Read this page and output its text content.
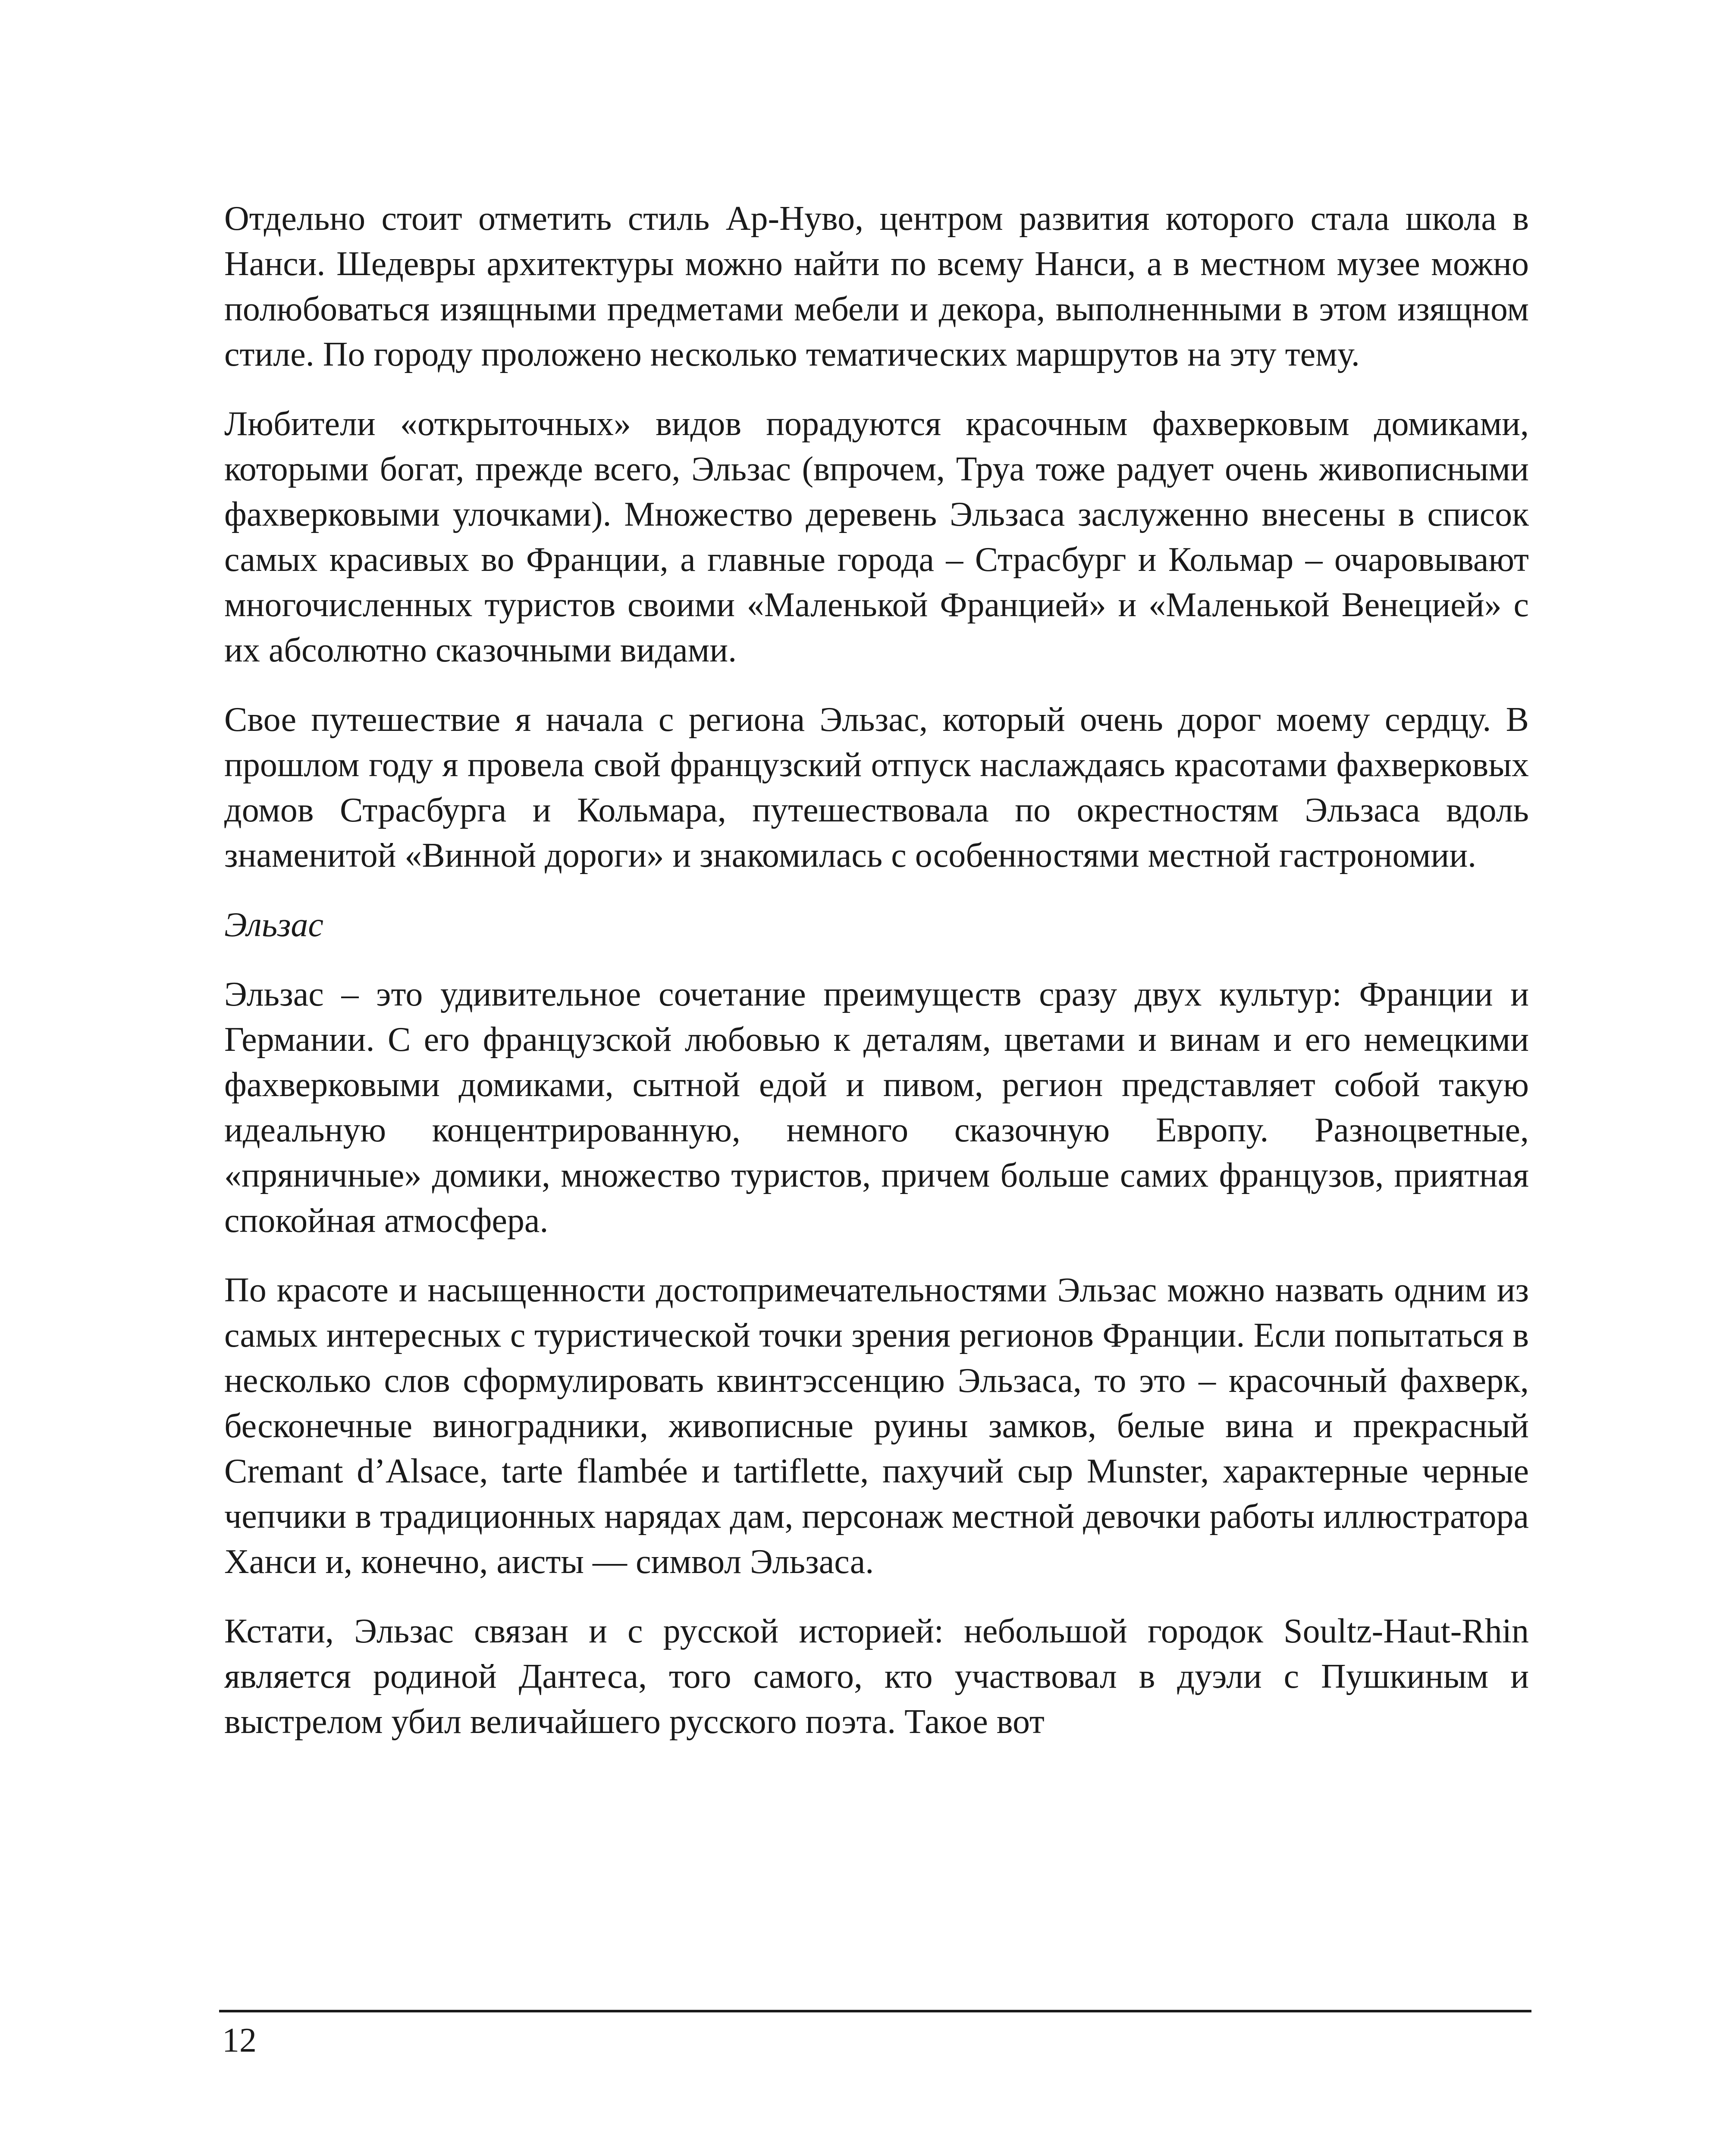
Отдельно стоит отметить стиль Ар-Нуво, центром развития которого стала школа в Нанси. Шедевры архитектуры можно найти по всему Нанси, а в местном музее можно полюбоваться изящными предметами мебели и декора, выполненными в этом изящном стиле. По городу проложено несколько тематических маршрутов на эту тему.

Любители «открыточных» видов порадуются красочным фахверковым домиками, которыми богат, прежде всего, Эльзас (впрочем, Труа тоже радует очень живописными фахверковыми улочками). Множество деревень Эльзаса заслуженно внесены в список самых красивых во Франции, а главные города – Страсбург и Кольмар – очаровывают многочисленных туристов своими «Маленькой Францией» и «Маленькой Венецией» с их абсолютно сказочными видами.

Свое путешествие я начала с региона Эльзас, который очень дорог моему сердцу. В прошлом году я провела свой французский отпуск наслаждаясь красотами фахверковых домов Страсбурга и Кольмара, путешествовала по окрестностям Эльзаса вдоль знаменитой «Винной дороги» и знакомилась с особенностями местной гастрономии.

Эльзас

Эльзас – это удивительное сочетание преимуществ сразу двух культур: Франции и Германии. С его французской любовью к деталям, цветами и винам и его немецкими фахверковыми домиками, сытной едой и пивом, регион представляет собой такую идеальную концентрированную, немного сказочную Европу. Разноцветные, «пряничные» домики, множество туристов, причем больше самих французов, приятная спокойная атмосфера.

По красоте и насыщенности достопримечательностями Эльзас можно назвать одним из самых интересных с туристической точки зрения регионов Франции. Если попытаться в несколько слов сформулировать квинтэссенцию Эльзаса, то это – красочный фахверк, бесконечные виноградники, живописные руины замков, белые вина и прекрасный Cremant d’Alsace, tarte flambée и tartiflette, пахучий сыр Munster, характерные черные чепчики в традиционных нарядах дам, персонаж местной девочки работы иллюстратора Ханси и, конечно, аисты — символ Эльзаса.

Кстати, Эльзас связан и с русской историей: небольшой городок Soultz-Haut-Rhin является родиной Дантеса, того самого, кто участвовал в дуэли с Пушкиным и выстрелом убил величайшего русского поэта. Такое вот

12
